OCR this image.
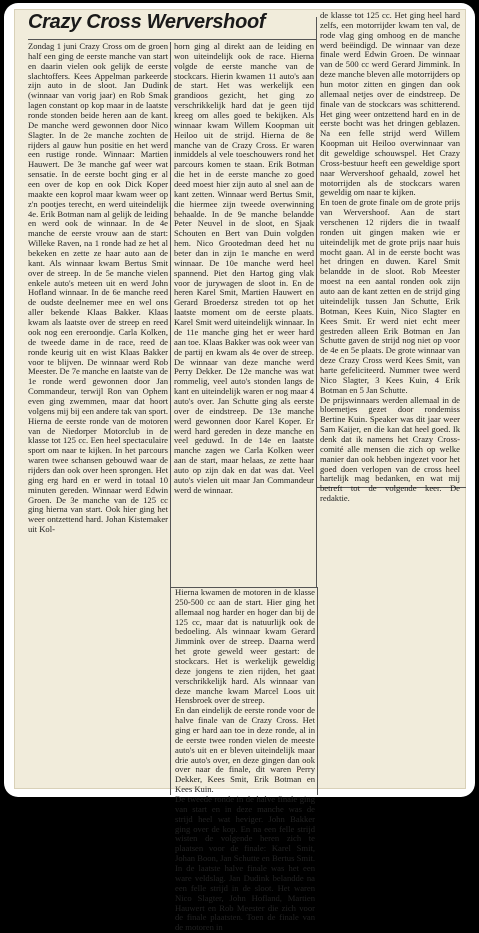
Crazy Cross Wervershoof

Zondag 1 juni Crazy Cross om de groen half een ging de eerste manche van start en daarin vielen ook gelijk de eerste slachtoffers. Kees Appelman parkeerde zijn auto in de sloot. Jan Dudink (winnaar van vorig jaar) en Rob Smak lagen constant op kop maar in de laatste ronde stonden beide heren aan de kant. De manche werd gewonnen door Nico Slagter. In de 2e manche zochten de rijders al gauw hun positie en het werd een rustige ronde. Winnaar: Martien Hauwert. De 3e manche gaf weer wat sensatie. In de eerste bocht ging er al een over de kop en ook Dick Koper maakte een koprol maar kwam weer op z'n pootjes terecht, en werd uiteindelijk 4e. Erik Botman nam al gelijk de leiding en werd ook de winnaar. In de 4e manche de eerste vrouw aan de start: Willeke Raven, na 1 ronde had ze het al bekeken en zette ze haar auto aan de kant. Als winnaar kwam Bertus Smit over de streep. In de 5e manche vielen enkele auto's meteen uit en werd John Hofland winnaar. In de 6e manche reed de oudste deelnemer mee en wel ons aller bekende Klaas Bakker. Klaas kwam als laatste over de streep en reed ook nog een ereroondje. Carla Kolken, de tweede dame in de race, reed de ronde keurig uit en wist Klaas Bakker voor te blijven. De winnaar werd Rob Meester. De 7e manche en laatste van de 1e ronde werd gewonnen door Jan Commandeur, terwijl Ron van Ophem even ging zwemmen, maar dat hoort volgens mij bij een andere tak van sport. Hierna de eerste ronde van de motoren van de Niedorper Motorclub in de klasse tot 125 cc. Een heel spectaculaire sport om naar te kijken. In het parcours waren twee schansen gebouwd waar de rijders dan ook over heen sprongen. Het ging erg hard en er werd in totaal 10 minuten gereden. Winnaar werd Edwin Groen. De 3e manche van de 125 cc ging hierna van start. Ook hier ging het weer ontzettend hard. Johan Kistemaker uit Kol-

horn ging al direkt aan de leiding en won uiteindelijk ook de race. Hierna volgde de eerste manche van de stockcars. Hierin kwamen 11 auto's aan de start. Het was werkelijk een grandioos gezicht, het ging zo verschrikkelijk hard dat je geen tijd kreeg om alles goed te bekijken. Als winnaar kwam Willem Koopman uit Heiloo uit de strijd. Hierna de 8e manche van de Crazy Cross. Er waren inmiddels al vele toeschouwers rond het parcours komen te staan. Erik Botman die het in de eerste manche zo goed deed moest hier zijn auto al snel aan de kant zetten. Winnaar werd Bertus Smit, die hiermee zijn tweede overwinning behaalde. In de 9e manche belandde Peter Neuvel in de sloot, en Sjaak Schouten en Bert van Duin volgden hem. Nico Grootedman deed het nu beter dan in zijn 1e manche en werd winnaar. De 10e manche werd heel spannend. Piet den Hartog ging vlak voor de jurywagen de sloot in. En de heren Karel Smit, Martien Hauwert en Gerard Broedersz streden tot op het laatste moment om de eerste plaats. Karel Smit werd uiteindelijk winnaar. In de 11e manche ging het er weer hard aan toe. Klaas Bakker was ook weer van de partij en kwam als 4e over de streep. De winnaar van deze manche werd Perry Dekker. De 12e manche was wat rommelig, veel auto's stonden langs de kant en uiteindelijk waren er nog maar 4 auto's over. Jan Schutte ging als eerste over de eindstreep. De 13e manche werd gewonnen door Karel Koper. Er werd hard gereden in deze manche en veel geduwd. In de 14e en laatste manche zagen we Carla Kolken weer aan de start, maar helaas, ze zette haar auto op zijn dak en dat was dat. Veel auto's vielen uit maar Jan Commandeur werd de winnaar.

Hierna kwamen de motoren in de klasse 250-500 cc aan de start. Hier ging het allemaal nog harder en hoger dan bij de 125 cc, maar dat is natuurlijk ook de bedoeling. Als winnaar kwam Gerard Jimmink over de streep. Daarna werd het grote geweld weer gestart: de stockcars. Het is werkelijk geweldig deze jongens te zien rijden, het gaat verschrikkelijk hard. Als winnaar van deze manche kwam Marcel Loos uit Hensbroek over de streep.
En dan eindelijk de eerste ronde voor de halve finale van de Crazy Cross. Het ging er hard aan toe in deze ronde, al in de eerste twee ronden vielen de meeste auto's uit en er bleven uiteindelijk maar drie auto's over, en deze gingen dan ook over naar de finale, dit waren Perry Dekker, Kees Smit, Erik Botman en Kees Kuin.
De tweede ronde in de halve finale ging van start en in deze manche was de strijd heel wat heviger. John Bakker ging over de kop. En na een felle strijd wisten de volgende heren zich te plaatsen voor de finale: Karel Smit, Johan Boon, Jan Schutte en Bertus Smit. In de laatste halve finale was het een ware veldslag. Jan Dudink belandde na een felle strijd in de sloot. Het waren Nico Slagter, John Hofland, Martien Hauwert en Rob Meester die zich voor de finale plaatsten. Toen de finale van de motoren in

de klasse tot 125 cc. Het ging heel hard zelfs, een motorrijder kwam ten val, de rode vlag ging omhoog en de manche werd beëindigd. De winnaar van deze finale werd Edwin Groen. De winnaar van de 500 cc werd Gerard Jimmink. In deze manche bleven alle motorrijders op hun motor zitten en gingen dan ook allemaal netjes over de eindstreep. De finale van de stockcars was schitterend. Het ging weer ontzettend hard en in de eerste bocht was het dringen geblazen. Na een felle strijd werd Willem Koopman uit Heiloo overwinnaar van dit geweldige schouwspel. Het Crazy Cross-bestuur heeft een geweldige sport naar Wervershoof gehaald, zowel het motorrijden als de stockcars waren geweldig om naar te kijken.
En toen de grote finale om de grote prijs van Wervershoof. Aan de start verschenen 12 rijders die in twaalf ronden uit gingen maken wie er uiteindelijk met de grote prijs naar huis mocht gaan. Al in de eerste bocht was het dringen en duwen. Karel Smit belandde in de sloot. Rob Meester moest na een aantal ronden ook zijn auto aan de kant zetten en de strijd ging uiteindelijk tussen Jan Schutte, Erik Botman, Kees Kuin, Nico Slagter en Kees Smit. Er werd niet echt meer gestreden alleen Erik Botman en Jan Schutte gaven de strijd nog niet op voor de 4e en 5e plaats. De grote winnaar van deze Crazy Cross werd Kees Smit, van harte gefeliciteerd. Nummer twee werd Nico Slagter, 3 Kees Kuin, 4 Erik Botman en 5 Jan Schutte.
De prijswinnaars werden allemaal in de bloemetjes gezet door rondemiss Bertine Kuin. Speaker was dit jaar weer Sam Kaijer, en die kan dat heel goed. Ik denk dat ik namens het Crazy Cross-comité alle mensen die zich op welke manier dan ook hebben ingezet voor het goed doen verlopen van de cross heel hartelijk mag bedanken, en wat mij betreft tot de volgende keer. De redaktie.
